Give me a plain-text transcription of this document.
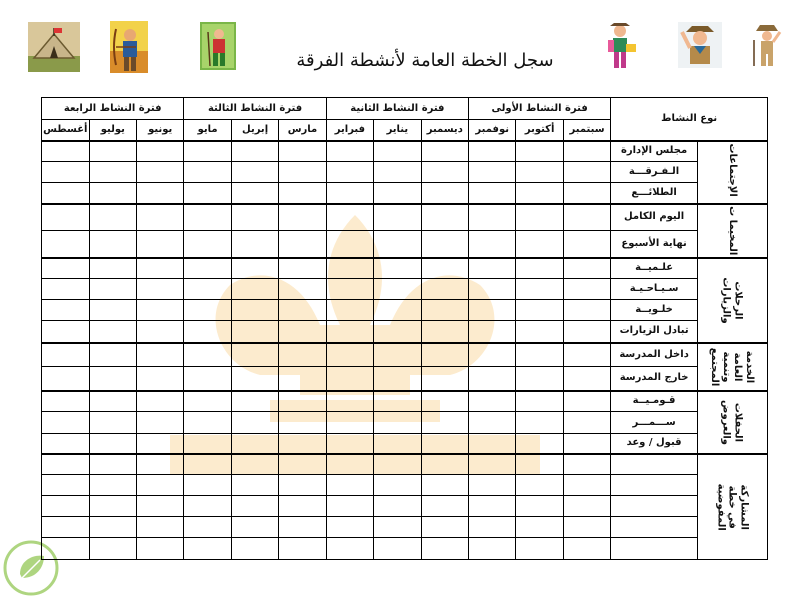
سجل الخطة العامة لأنشطة الفرقة
نوع النشاط		فترة النشاط الأولى			فترة النشاط الثانية			فترة النشاط الثالثة			فترة النشاط الرابعة		
		سبتمبر	أكتوبر	نوفمبر	ديسمبر	يناير	فبراير	مارس	إبريل	مايو	يونيو	يوليو	أغسطس
الإجتماعات	مجلس الإدارة												

	الـفـرقـــة												

	الطلائـــع												

المخيما ت	اليوم الكامل												

	نهاية الأسبوع												

الرحلات والزيارات	علـميــة												

	سـيـاحـيـة												

	خلـويــة												

	تبادل الزيارات												

الخدمة العامة وتنمية المجتمع	داخل المدرسة												

	خارج المدرسة												

الحفلات والعروض	قـومـيــة												

	ســـمـــر												

	قبول / وعد												

المشاركة في خطة المفوضية	
